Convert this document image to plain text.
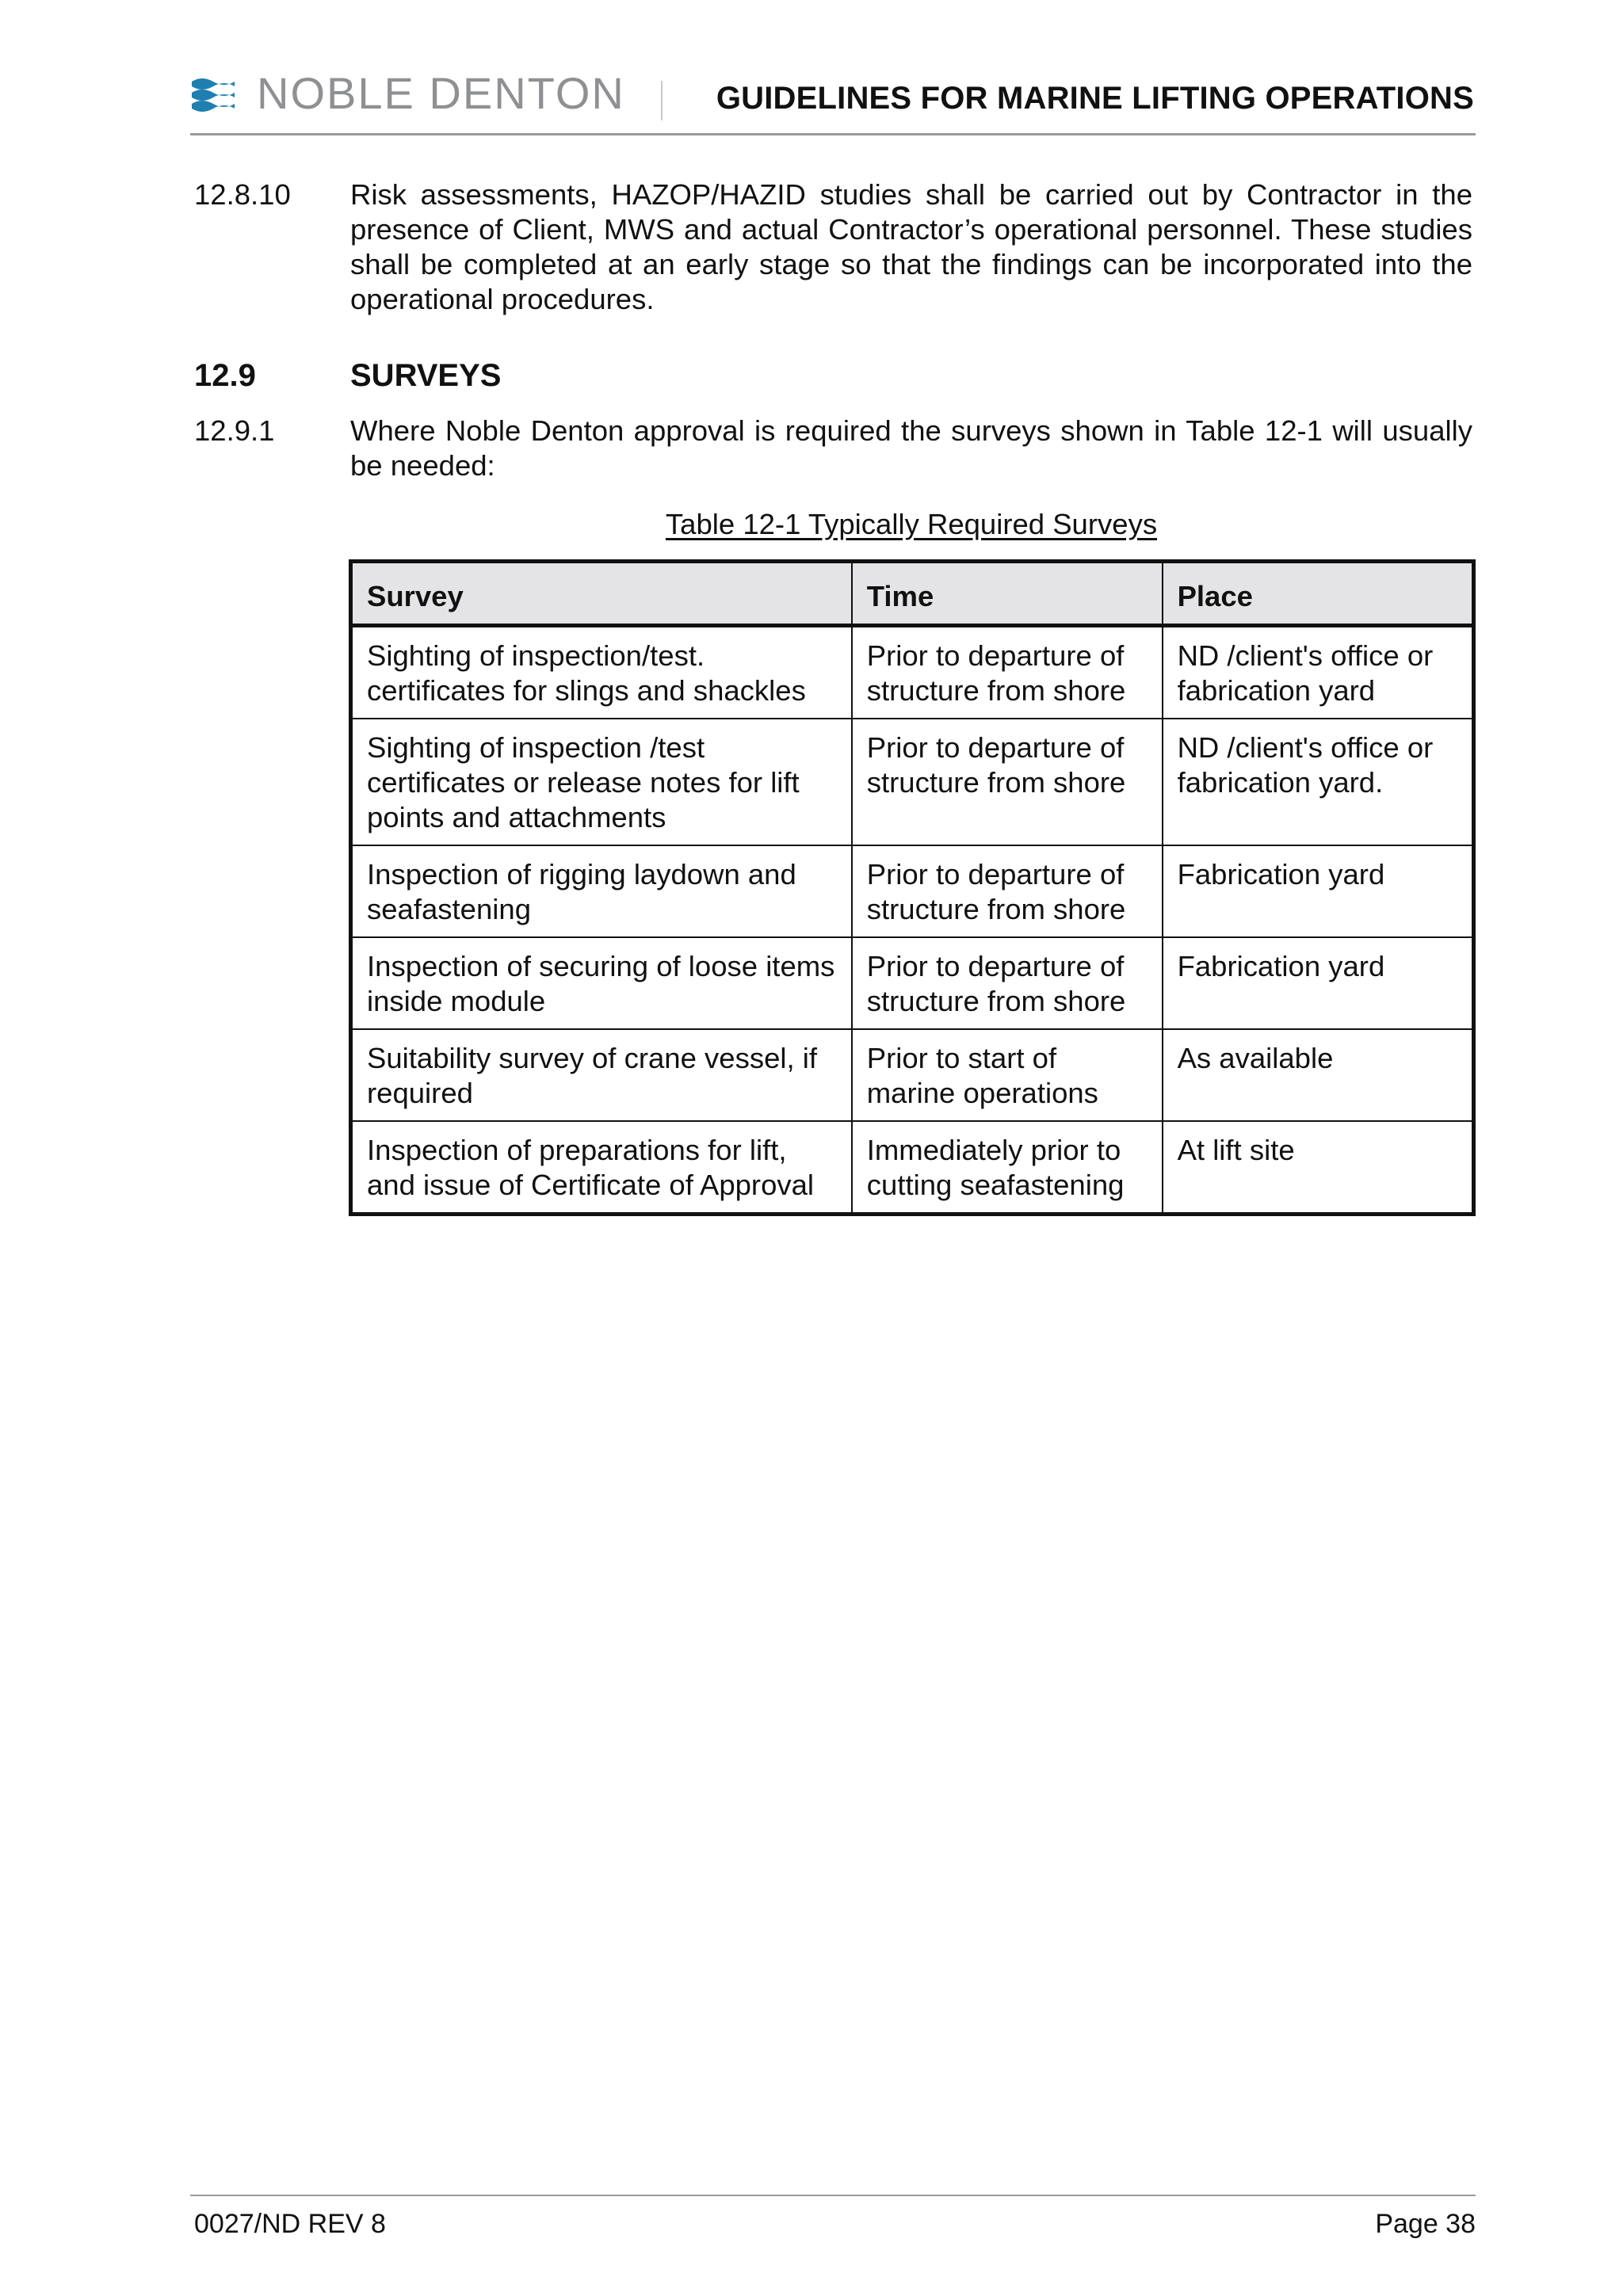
NOBLE DENTON	GUIDELINES FOR MARINE LIFTING OPERATIONS
12.8.10 Risk assessments, HAZOP/HAZID studies shall be carried out by Contractor in the presence of Client, MWS and actual Contractor’s operational personnel. These studies shall be completed at an early stage so that the findings can be incorporated into the operational procedures.
12.9	SURVEYS
12.9.1	Where Noble Denton approval is required the surveys shown in Table 12-1 will usually be needed:
Table 12-1 Typically Required Surveys
Survey	Time	Place
Sighting of inspection/test. certificates for slings and shackles	Prior to departure of structure from shore	ND /client's office or fabrication yard
Sighting of inspection /test certificates or release notes for lift points and attachments	Prior to departure of structure from shore	ND /client's office or fabrication yard.
Inspection of rigging laydown and seafastening	Prior to departure of structure from shore	Fabrication yard
Inspection of securing of loose items inside module	Prior to departure of structure from shore	Fabrication yard
Suitability survey of crane vessel, if required	Prior to start of marine operations	As available
Inspection of preparations for lift, and issue of Certificate of Approval	Immediately prior to cutting seafastening	At lift site
0027/ND REV 8	Page 38
